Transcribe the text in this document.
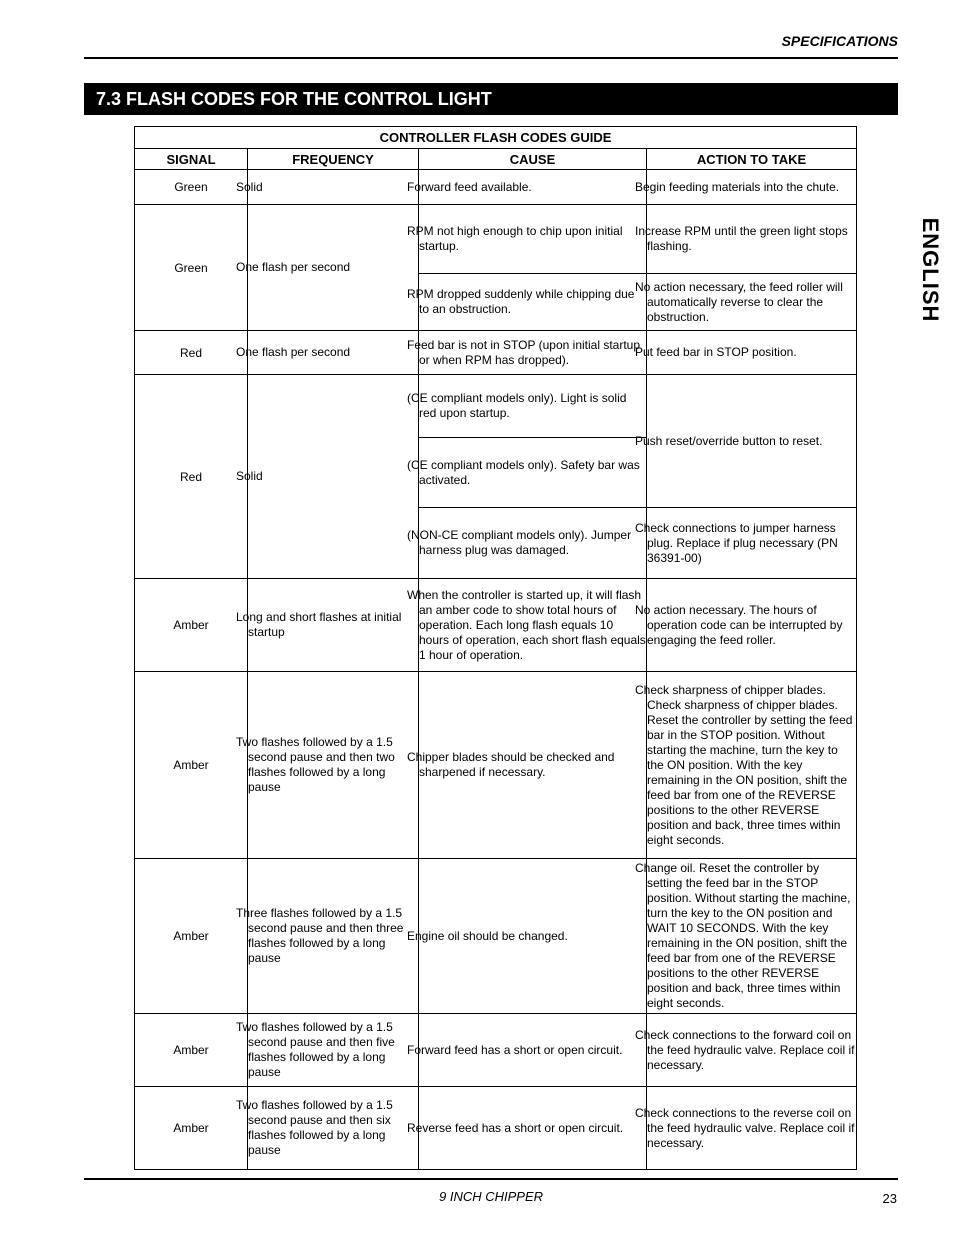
SPECIFICATIONS
7.3 FLASH CODES FOR THE CONTROL LIGHT
ENGLISH
CONTROLLER FLASH CODES GUIDE			
SIGNAL	FREQUENCY	CAUSE	ACTION TO TAKE
Green	Solid	Forward feed available.	Begin feeding materials into the chute.
Green	One flash per second	RPM not high enough to chip upon initial startup.	Increase RPM until the green light stops flashing.
		RPM dropped suddenly while chipping due to an obstruction.	No action necessary, the feed roller will automatically reverse to clear the obstruction.
Red	One flash per second	Feed bar is not in STOP (upon initial startup or when RPM has dropped).	Put feed bar in STOP position.
Red	Solid	(CE compliant models only). Light is solid red upon startup.	Push reset/override button to reset.
		(CE compliant models only). Safety bar was activated.	
		(NON-CE compliant models only). Jumper harness plug was damaged.	Check connections to jumper harness plug. Replace if plug necessary (PN 36391-00)
Amber	Long and short flashes at initial startup	When the controller is started up, it will flash an amber code to show total hours of operation. Each long flash equals 10 hours of operation, each short flash equals 1 hour of operation.	No action necessary. The hours of operation code can be interrupted by engaging the feed roller.
Amber	Two flashes followed by a 1.5 second pause and then two flashes followed by a long pause	Chipper blades should be checked and sharpened if necessary.	Check sharpness of chipper blades. Check sharpness of chipper blades. Reset the controller by setting the feed bar in the STOP position. Without starting the machine, turn the key to the ON position. With the key remaining in the ON position, shift the feed bar from one of the REVERSE positions to the other REVERSE position and back, three times within eight seconds.
Amber	Three flashes followed by a 1.5 second pause and then three flashes followed by a long pause	Engine oil should be changed.	Change oil. Reset the controller by setting the feed bar in the STOP position. Without starting the machine, turn the key to the ON position and WAIT 10 SECONDS. With the key remaining in the ON position, shift the feed bar from one of the REVERSE positions to the other REVERSE position and back, three times within eight seconds.
Amber	Two flashes followed by a 1.5 second pause and then five flashes followed by a long pause	Forward feed has a short or open circuit.	Check connections to the forward coil on the feed hydraulic valve. Replace coil if necessary.
Amber	Two flashes followed by a 1.5 second pause and then six flashes followed by a long pause	Reverse feed has a short or open circuit.	Check connections to the reverse coil on the feed hydraulic valve. Replace coil if necessary.
9 INCH CHIPPER	23
